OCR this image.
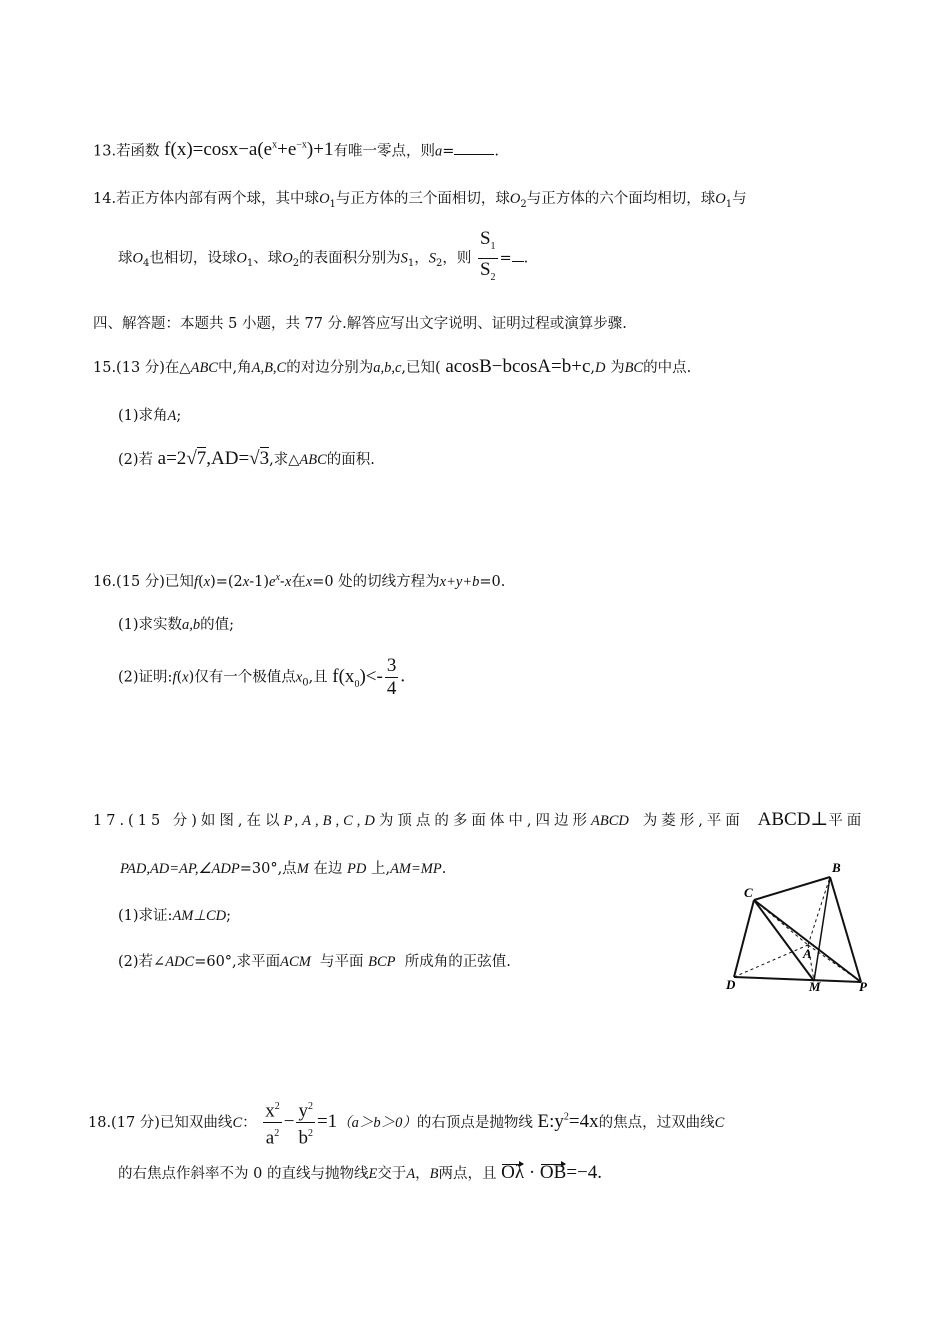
13.若函数 $f(x)=\cos x-a(e^x+e^{-x})+1$有唯一零点，则a=	.
14.若正方体内部有两个球，其中球$O_1$与正方体的三个面相切，球$O_2$与正方体的六个面均相切，球$O_1$与
球$O_4$也相切，设球$O_1$、球$O_2$的表面积分别为$S_1$，$S_2$，则 $\frac{S_1}{S_2}$ = .
四、解答题：本题共 5 小题，共 77 分.解答应写出文字说明、证明过程或演算步骤.
15.(13 分)在△ABC中,角A,B,C的对边分别为a,b,c,已知( acosB−bcosA=b+c,D 为BC的中点.
(1)求角A;
(2)若 a=2√7,AD=√3,求△ABC的面积.
16.(15 分)已知$f(x)=(2x-1)e^x-x$在x=0 处的切线方程为x+y+b=0.
(1)求实数a,b的值;
(2)证明:f(x)仅有一个极值点$x_0$,且 $f(x_0)<- \frac{3}{4}$ .
17.(15 分)如图,在以P,A,B,C,D为顶点的多面体中,四边形ABCD 为菱形,平面 ABCD⊥平面
PAD,AD=AP,∠ADP=30°,点M 在边 PD 上,AM=MP.
(1)求证:AM⊥CD;
(2)若∠ADC=60°,求平面ACM 与平面 BCP 所成角的正弦值.
B
C
A
D	M	P
18.(17 分)已知双曲线C： $\frac{x^2}{a^2} - \frac{y^2}{b^2} =1(a>b>0)$的右顶点是抛物线 $E:y^2=4x$的焦点，过双曲线C
的右焦点作斜率不为 0 的直线与抛物线E交于A，B两点，且 Oλ · OB=−4.
